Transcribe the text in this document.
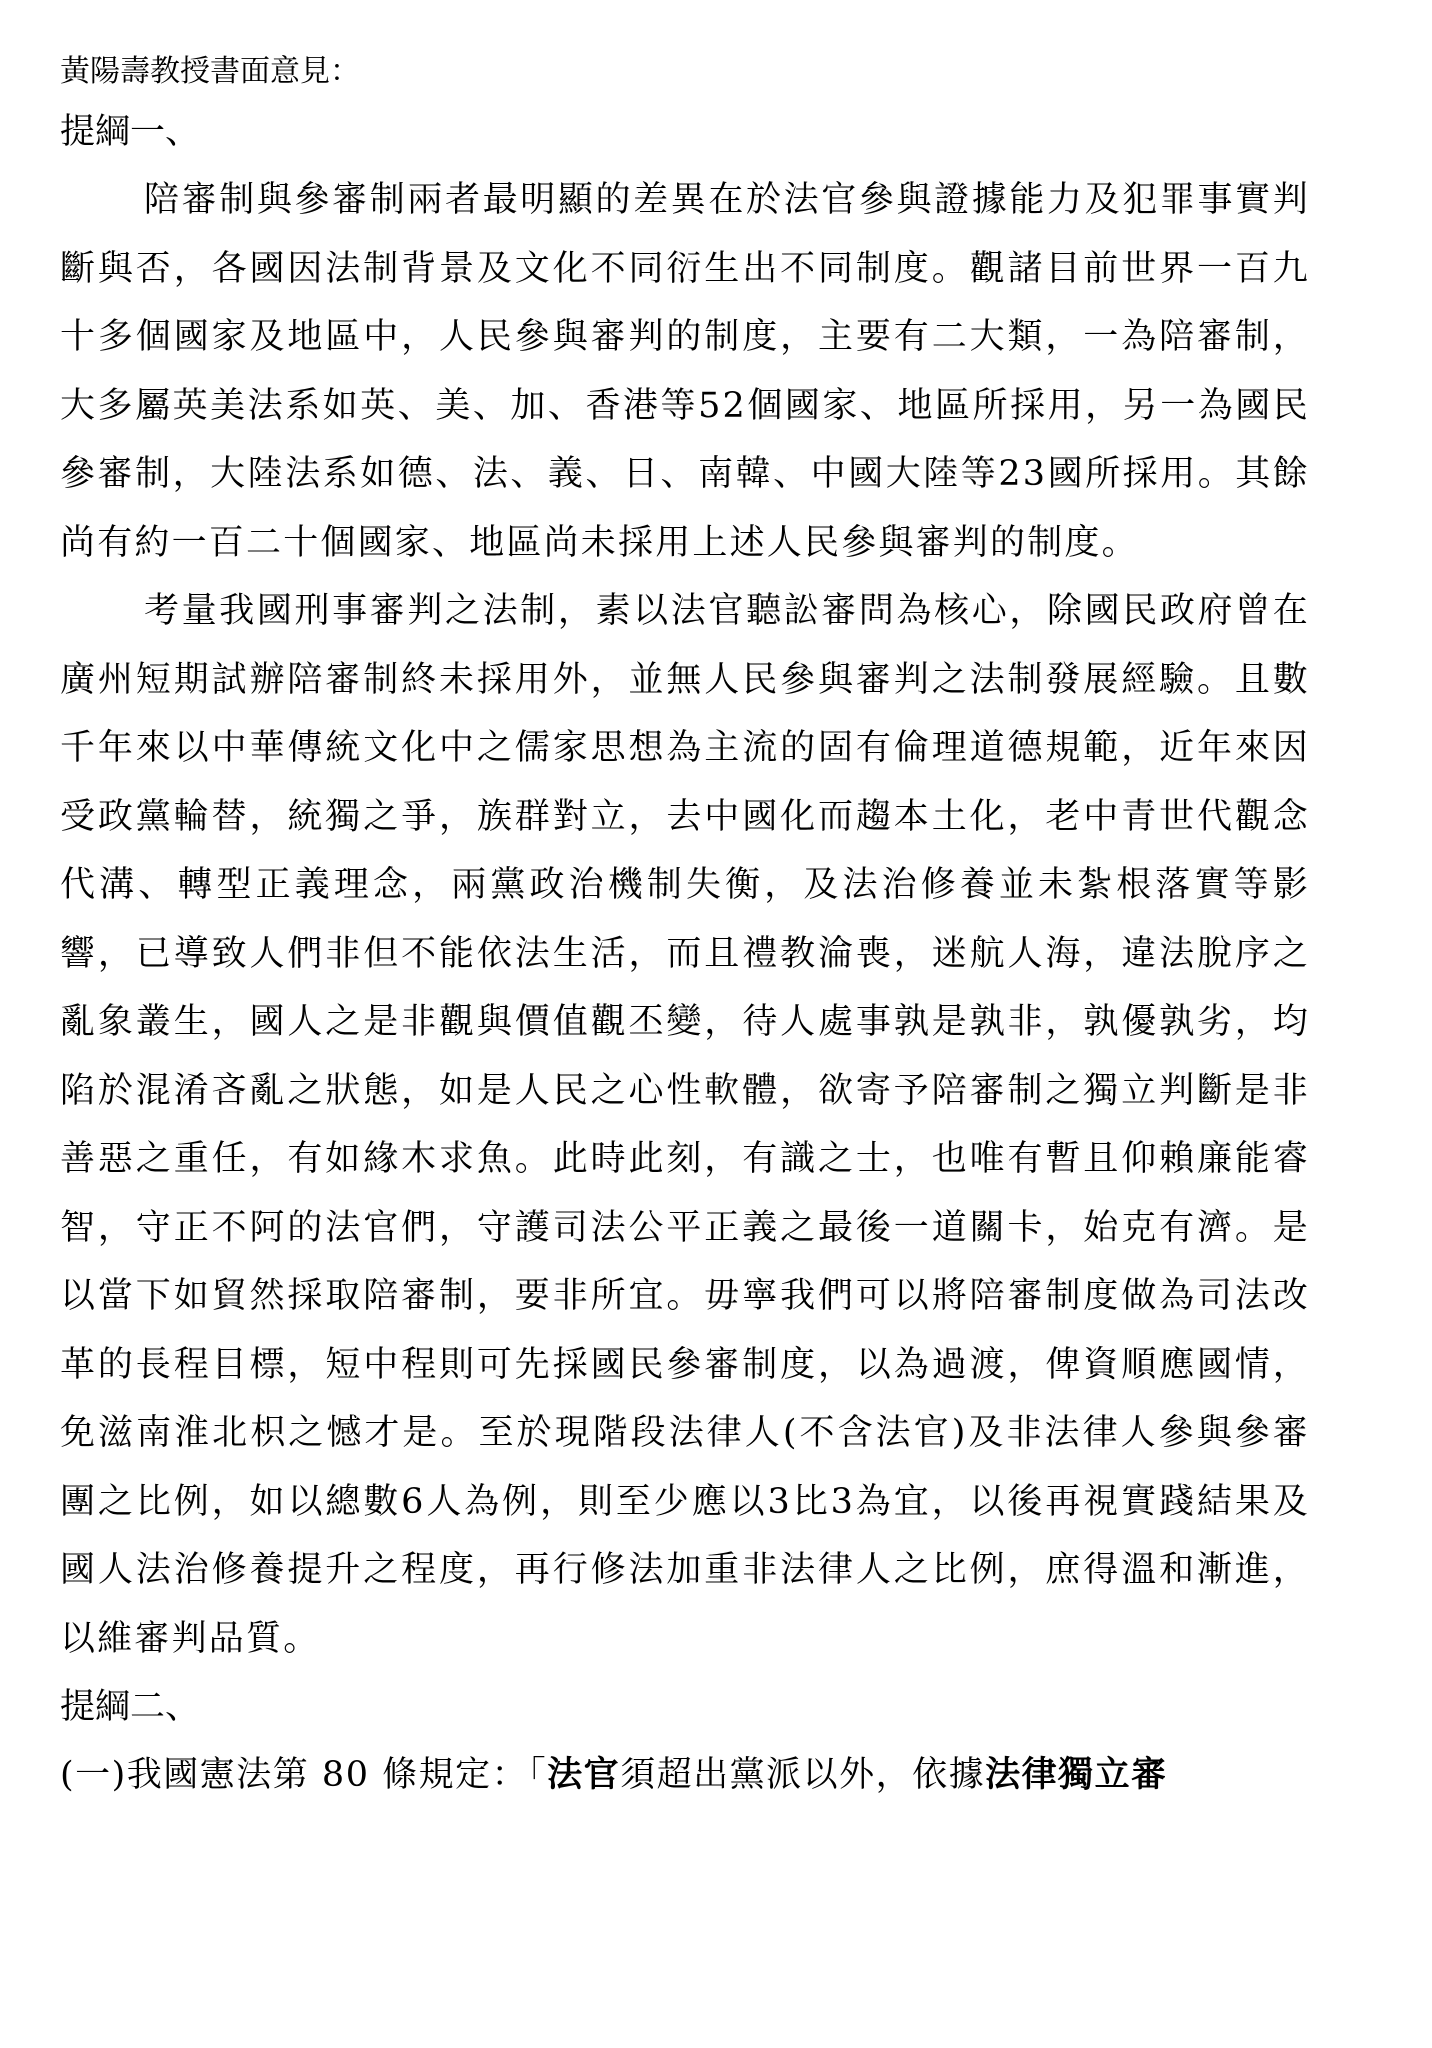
黃陽壽教授書面意見：
提綱一、

陪審制與參審制兩者最明顯的差異在於法官參與證據能力及犯罪事實判斷與否，各國因法制背景及文化不同衍生出不同制度。觀諸目前世界一百九十多個國家及地區中，人民參與審判的制度，主要有二大類，一為陪審制，大多屬英美法系如英、美、加、香港等52個國家、地區所採用，另一為國民參審制，大陸法系如德、法、義、日、南韓、中國大陸等23國所採用。其餘尚有約一百二十個國家、地區尚未採用上述人民參與審判的制度。

考量我國刑事審判之法制，素以法官聽訟審問為核心，除國民政府曾在廣州短期試辦陪審制終未採用外，並無人民參與審判之法制發展經驗。且數千年來以中華傳統文化中之儒家思想為主流的固有倫理道德規範，近年來因受政黨輪替，統獨之爭，族群對立，去中國化而趨本土化，老中青世代觀念代溝、轉型正義理念，兩黨政治機制失衡，及法治修養並未紮根落實等影響，已導致人們非但不能依法生活，而且禮教淪喪，迷航人海，違法脫序之亂象叢生，國人之是非觀與價值觀丕變，待人處事孰是孰非，孰優孰劣，均陷於混淆吝亂之狀態，如是人民之心性軟體，欲寄予陪審制之獨立判斷是非善惡之重任，有如緣木求魚。此時此刻，有識之士，也唯有暫且仰賴廉能睿智，守正不阿的法官們，守護司法公平正義之最後一道關卡，始克有濟。是以當下如貿然採取陪審制，要非所宜。毋寧我們可以將陪審制度做為司法改革的長程目標，短中程則可先採國民參審制度，以為過渡，俾資順應國情，免滋南淮北枳之憾才是。至於現階段法律人(不含法官)及非法律人參與參審團之比例，如以總數6人為例，則至少應以3比3為宜，以後再視實踐結果及國人法治修養提升之程度，再行修法加重非法律人之比例，庶得溫和漸進，以維審判品質。

提綱二、
(一)我國憲法第 80 條規定：「法官須超出黨派以外，依據法律獨立審
